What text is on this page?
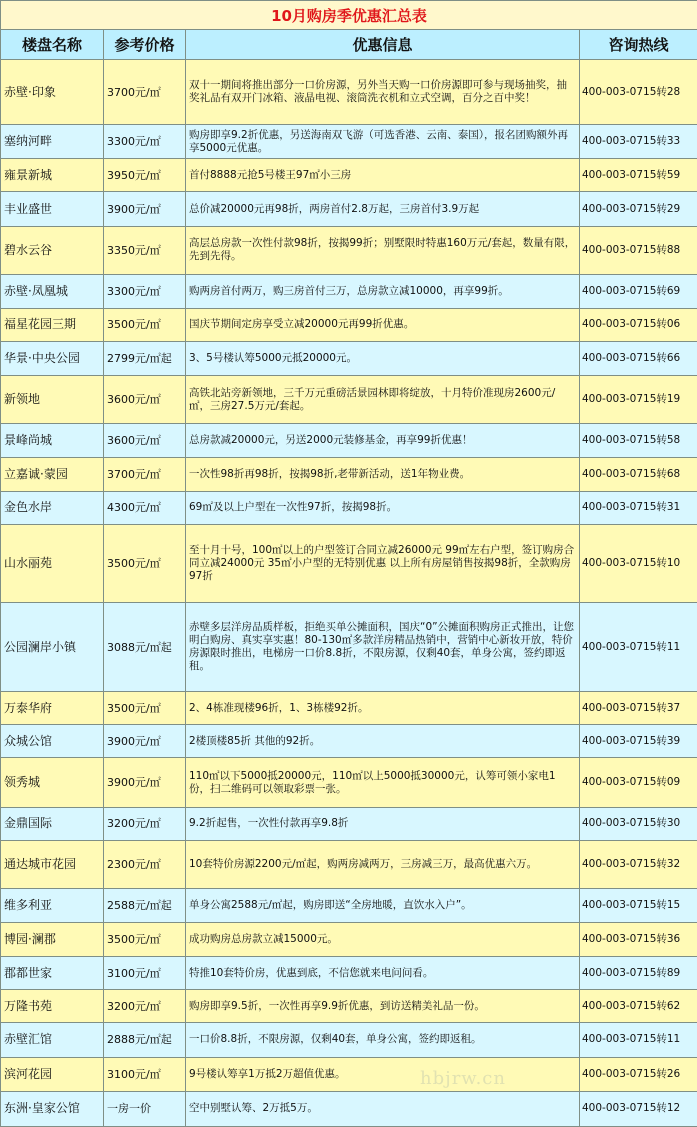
10月购房季优惠汇总表			
楼盘名称	参考价格	优惠信息	咨询热线
赤壁·印象	3700元/㎡	双十一期间将推出部分一口价房源，另外当天购一口价房源即可参与现场抽奖，抽奖礼品有双开门冰箱、液晶电视、滚筒洗衣机和立式空调，百分之百中奖！	400-003-0715转28
塞纳河畔	3300元/㎡	购房即享9.2折优惠，另送海南双飞游（可选香港、云南、泰国），报名团购额外再享5000元优惠。	400-003-0715转33
雍景新城	3950元/㎡	首付8888元抢5号楼王97㎡小三房	400-003-0715转59
丰业盛世	3900元/㎡	总价减20000元再98折，两房首付2.8万起，三房首付3.9万起	400-003-0715转29
碧水云谷	3350元/㎡	高层总房款一次性付款98折，按揭99折；别墅限时特惠160万元/套起，数量有限，先到先得。	400-003-0715转88
赤壁·凤凰城	3300元/㎡	购两房首付两万，购三房首付三万，总房款立减10000，再享99折。	400-003-0715转69
福星花园三期	3500元/㎡	国庆节期间定房享受立减20000元再99折优惠。	400-003-0715转06
华景·中央公园	2799元/㎡起	3、5号楼认筹5000元抵20000元。	400-003-0715转66
新领地	3600元/㎡	高铁北站旁新领地，三千万元重磅活景园林即将绽放，十月特价准现房2600元/㎡，三房27.5万元/套起。	400-003-0715转19
景峰尚城	3600元/㎡	总房款减20000元，另送2000元装修基金，再享99折优惠！	400-003-0715转58
立嘉诚·蒙园	3700元/㎡	一次性98折再98折，按揭98折,老带新活动，送1年物业费。	400-003-0715转68
金色水岸	4300元/㎡	69㎡及以上户型在一次性97折，按揭98折。	400-003-0715转31
山水丽苑	3500元/㎡	至十月十号，100㎡以上的户型签订合同立减26000元 99㎡左右户型，签订购房合同立减24000元 35㎡小户型的无特别优惠 以上所有房屋销售按揭98折，全款购房97折	400-003-0715转10
公园澜岸小镇	3088元/㎡起	赤壁多层洋房品质样板，拒绝买单公摊面积，国庆“0”公摊面积购房正式推出，让您明白购房、真实享实惠！80-130㎡多款洋房精品热销中，营销中心新妆开放，特价房源限时推出，电梯房一口价8.8折，不限房源，仅剩40套，单身公寓，签约即返租。	400-003-0715转11
万泰华府	3500元/㎡	2、4栋准现楼96折，1、3栋楼92折。	400-003-0715转37
众城公馆	3900元/㎡	2楼顶楼85折 其他的92折。	400-003-0715转39
领秀城	3900元/㎡	110㎡以下5000抵20000元，110㎡以上5000抵30000元，认筹可领小家电1份，扫二维码可以领取彩票一张。	400-003-0715转09
金鼎国际	3200元/㎡	9.2折起售，一次性付款再享9.8折	400-003-0715转30
通达城市花园	2300元/㎡	10套特价房源2200元/㎡起，购两房减两万，三房减三万，最高优惠六万。	400-003-0715转32
维多利亚	2588元/㎡起	单身公寓2588元/㎡起，购房即送“全房地暖，直饮水入户”。	400-003-0715转15
博园·澜郡	3500元/㎡	成功购房总房款立减15000元。	400-003-0715转36
郡都世家	3100元/㎡	特推10套特价房，优惠到底，不信您就来电问问看。	400-003-0715转89
万隆书苑	3200元/㎡	购房即享9.5折，一次性再享9.9折优惠，到访送精美礼品一份。	400-003-0715转62
赤壁汇馆	2888元/㎡起	一口价8.8折，不限房源，仅剩40套，单身公寓，签约即返租。	400-003-0715转11
滨河花园	3100元/㎡	9号楼认筹享1万抵2万超值优惠。	400-003-0715转26
东洲·皇家公馆	一房一价	空中别墅认筹、2万抵5万。	400-003-0715转12
hbjrw.cn
